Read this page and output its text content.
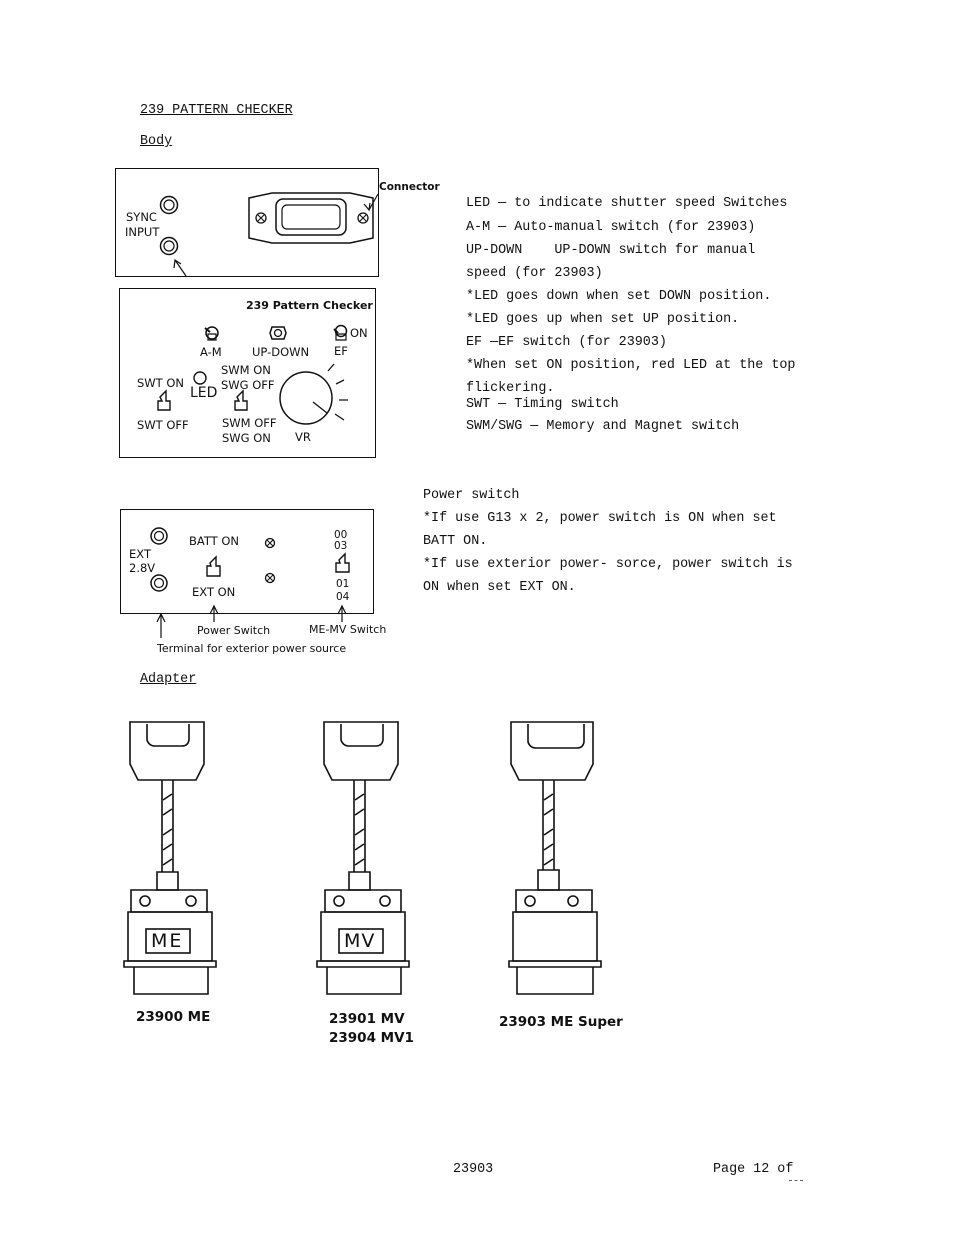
239 PATTERN CHECKER
Body
SYNC
INPUT
Connector
239 Pattern Checker
A-M	UP-DOWN
ON
EF
SWT ON
LED
SWM ON
SWG OFF
SWT OFF	SWM OFF
SWG ON VR
LED — to indicate shutter speed Switches
A-M — Auto-manual switch (for 23903)
UP-DOWN    UP-DOWN switch for manual
speed (for 23903)
*LED goes down when set DOWN position.
*LED goes up when set UP position.
EF —EF switch (for 23903)
*When set ON position, red LED at the top
flickering.
SWT — Timing switch
SWM/SWG — Memory and Magnet switch
EXT
2.8V
BATT ON
EXT ON
00
03
01
04
Power Switch	ME-MV Switch
Terminal for exterior power source
Power switch
*If use G13 x 2, power switch is ON when set
BATT ON.
*If use exterior power- sorce, power switch is
ON when set EXT ON.
Adapter
ME	MV
23900 ME	23901 MV
23904 MV1
23903 ME Super
23903	Page 12 of
